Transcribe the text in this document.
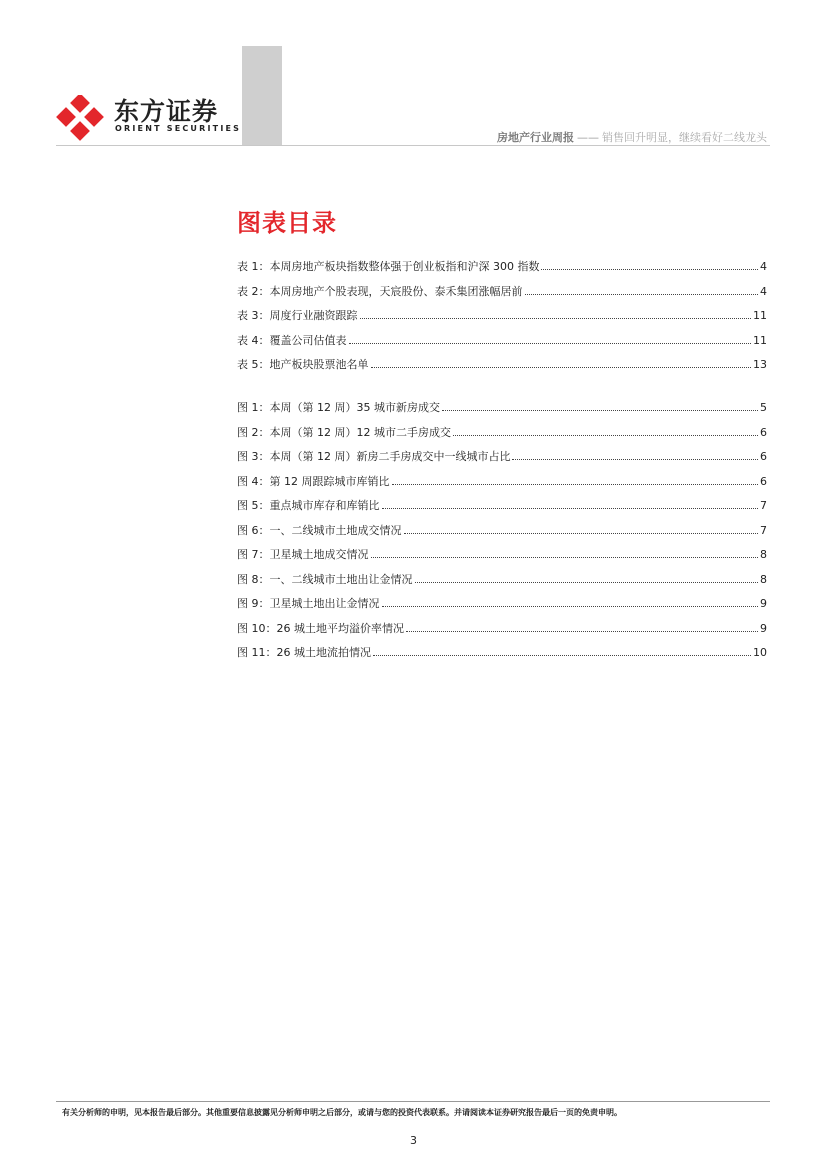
东方证券
ORIENT SECURITIES
房地产行业周报 —— 销售回升明显，继续看好二线龙头
图表目录
表 1：本周房地产板块指数整体强于创业板指和沪深 300 指数	4
表 2：本周房地产个股表现，天宸股份、泰禾集团涨幅居前	4
表 3：周度行业融资跟踪	11
表 4：覆盖公司估值表	11
表 5：地产板块股票池名单	13
图 1：本周（第 12 周）35 城市新房成交	5
图 2：本周（第 12 周）12 城市二手房成交	6
图 3：本周（第 12 周）新房二手房成交中一线城市占比	6
图 4：第 12 周跟踪城市库销比	6
图 5：重点城市库存和库销比	7
图 6：一、二线城市土地成交情况	7
图 7：卫星城土地成交情况	8
图 8：一、二线城市土地出让金情况	8
图 9：卫星城土地出让金情况	9
图 10：26 城土地平均溢价率情况	9
图 11：26 城土地流拍情况	10
有关分析师的申明，见本报告最后部分。其他重要信息披露见分析师申明之后部分，或请与您的投资代表联系。并请阅读本证券研究报告最后一页的免责申明。
3
